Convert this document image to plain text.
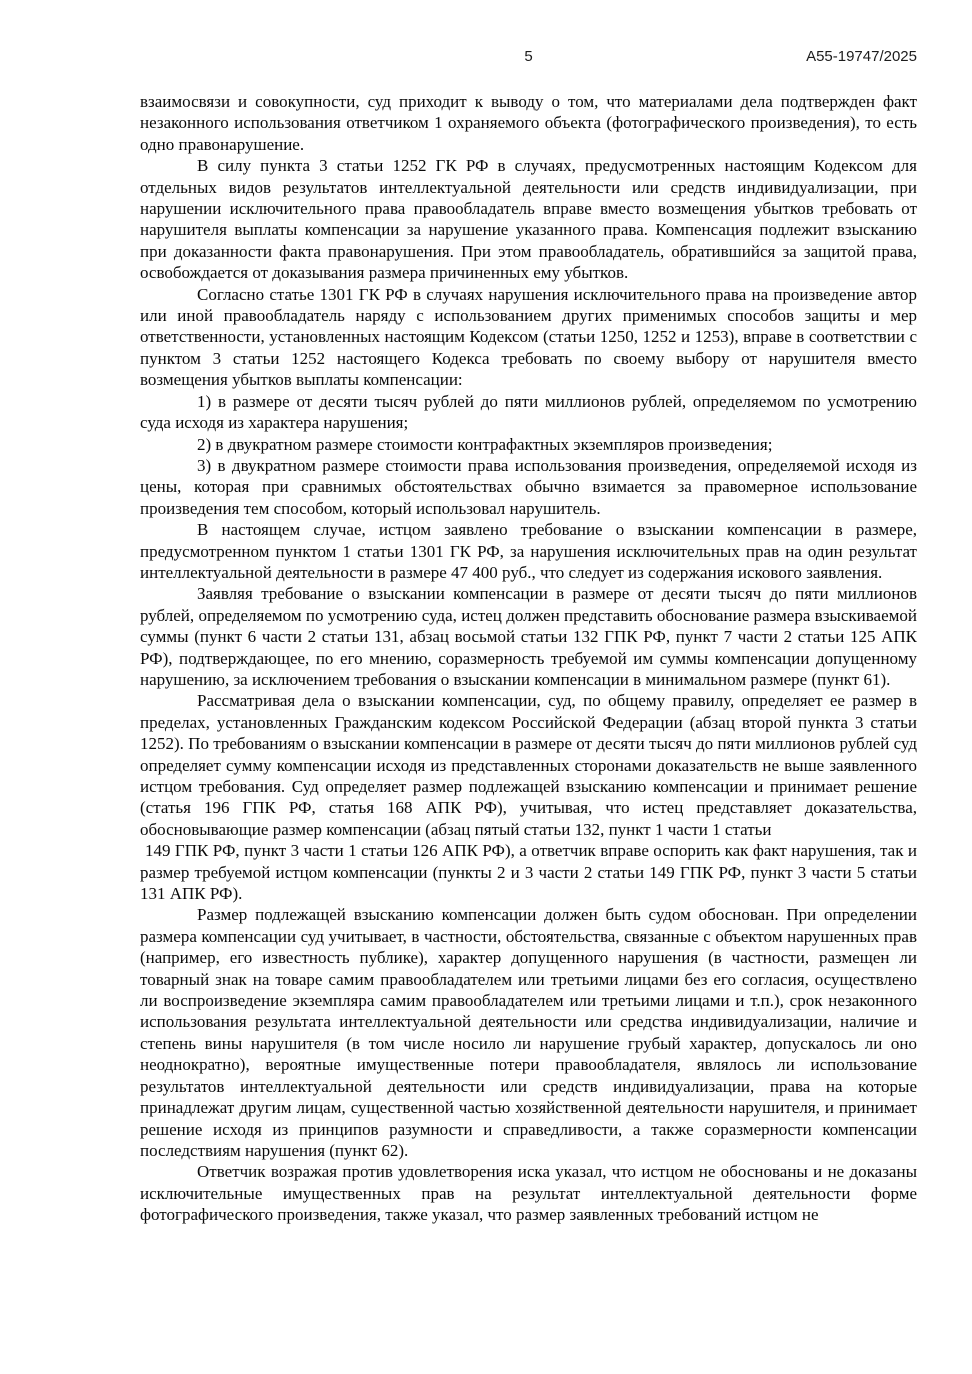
5	А55-19747/2025

взаимосвязи и совокупности, суд приходит к выводу о том, что материалами дела подтвержден факт незаконного использования ответчиком 1 охраняемого объекта (фотографического произведения), то есть одно правонарушение.

В силу пункта 3 статьи 1252 ГК РФ в случаях, предусмотренных настоящим Кодексом для отдельных видов результатов интеллектуальной деятельности или средств индивидуализации, при нарушении исключительного права правообладатель вправе вместо возмещения убытков требовать от нарушителя выплаты компенсации за нарушение указанного права. Компенсация подлежит взысканию при доказанности факта правонарушения. При этом правообладатель, обратившийся за защитой права, освобождается от доказывания размера причиненных ему убытков.

Согласно статье 1301 ГК РФ в случаях нарушения исключительного права на произведение автор или иной правообладатель наряду с использованием других применимых способов защиты и мер ответственности, установленных настоящим Кодексом (статьи 1250, 1252 и 1253), вправе в соответствии с пунктом 3 статьи 1252 настоящего Кодекса требовать по своему выбору от нарушителя вместо возмещения убытков выплаты компенсации:

1) в размере от десяти тысяч рублей до пяти миллионов рублей, определяемом по усмотрению суда исходя из характера нарушения;

2) в двукратном размере стоимости контрафактных экземпляров произведения;

3) в двукратном размере стоимости права использования произведения, определяемой исходя из цены, которая при сравнимых обстоятельствах обычно взимается за правомерное использование произведения тем способом, который использовал нарушитель.

В настоящем случае, истцом заявлено требование о взыскании компенсации в размере, предусмотренном пунктом 1 статьи 1301 ГК РФ, за нарушения исключительных прав на один результат интеллектуальной деятельности в размере 47 400 руб., что следует из содержания искового заявления.

Заявляя требование о взыскании компенсации в размере от десяти тысяч до пяти миллионов рублей, определяемом по усмотрению суда, истец должен представить обоснование размера взыскиваемой суммы (пункт 6 части 2 статьи 131, абзац восьмой статьи 132 ГПК РФ, пункт 7 части 2 статьи 125 АПК РФ), подтверждающее, по его мнению, соразмерность требуемой им суммы компенсации допущенному нарушению, за исключением требования о взыскании компенсации в минимальном размере (пункт 61).

Рассматривая дела о взыскании компенсации, суд, по общему правилу, определяет ее размер в пределах, установленных Гражданским кодексом Российской Федерации (абзац второй пункта 3 статьи 1252). По требованиям о взыскании компенсации в размере от десяти тысяч до пяти миллионов рублей суд определяет сумму компенсации исходя из представленных сторонами доказательств не выше заявленного истцом требования. Суд определяет размер подлежащей взысканию компенсации и принимает решение (статья 196 ГПК РФ, статья 168 АПК РФ), учитывая, что истец представляет доказательства, обосновывающие размер компенсации (абзац пятый статьи 132, пункт 1 части 1 статьи

149 ГПК РФ, пункт 3 части 1 статьи 126 АПК РФ), а ответчик вправе оспорить как факт нарушения, так и размер требуемой истцом компенсации (пункты 2 и 3 части 2 статьи 149 ГПК РФ, пункт 3 части 5 статьи 131 АПК РФ).

Размер подлежащей взысканию компенсации должен быть судом обоснован. При определении размера компенсации суд учитывает, в частности, обстоятельства, связанные с объектом нарушенных прав (например, его известность публике), характер допущенного нарушения (в частности, размещен ли товарный знак на товаре самим правообладателем или третьими лицами без его согласия, осуществлено ли воспроизведение экземпляра самим правообладателем или третьими лицами и т.п.), срок незаконного использования результата интеллектуальной деятельности или средства индивидуализации, наличие и степень вины нарушителя (в том числе носило ли нарушение грубый характер, допускалось ли оно неоднократно), вероятные имущественные потери правообладателя, являлось ли использование результатов интеллектуальной деятельности или средств индивидуализации, права на которые принадлежат другим лицам, существенной частью хозяйственной деятельности нарушителя, и принимает решение исходя из принципов разумности и справедливости, а также соразмерности компенсации последствиям нарушения (пункт 62).

Ответчик возражая против удовлетворения иска указал, что истцом не обоснованы и не доказаны исключительные имущественных прав на результат интеллектуальной деятельности форме фотографического произведения, также указал, что размер заявленных требований истцом не
